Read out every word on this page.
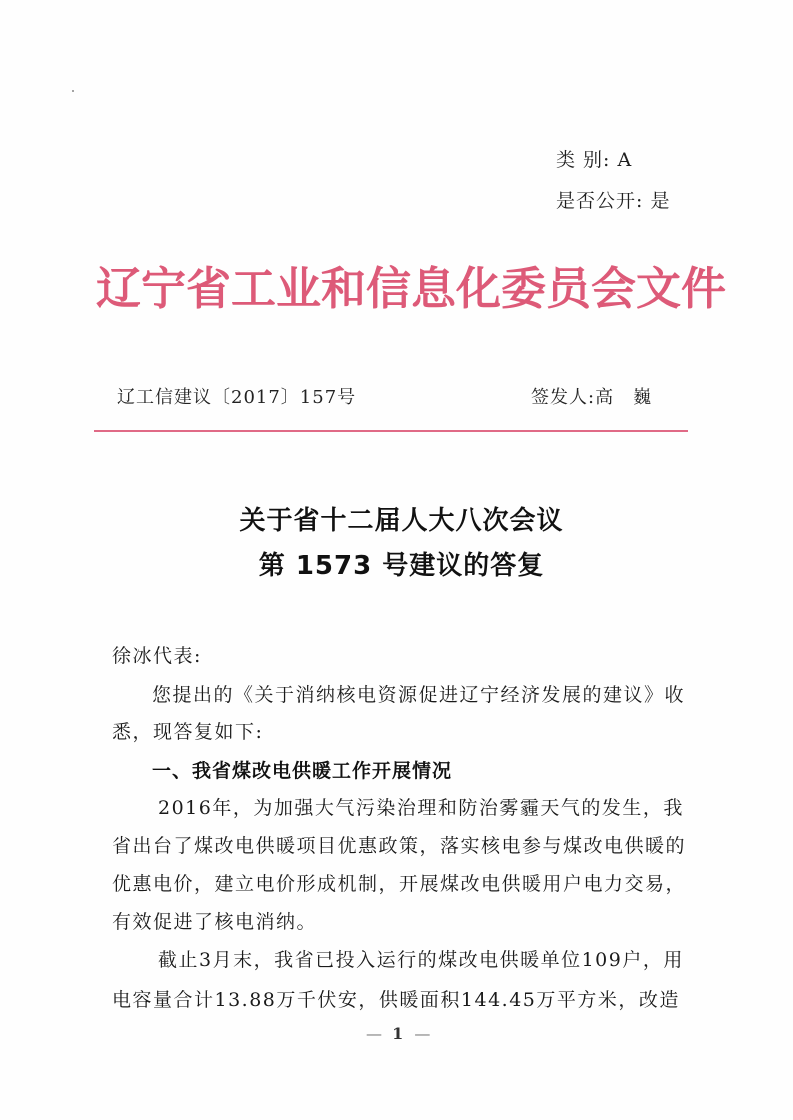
类 别: A
是否公开: 是
辽宁省工业和信息化委员会文件
辽工信建议〔2017〕157号	签发人:高　巍
关于省十二届人大八次会议
第 1573 号建议的答复
徐冰代表:
您提出的《关于消纳核电资源促进辽宁经济发展的建议》收
悉，现答复如下:
一、我省煤改电供暖工作开展情况
2016年，为加强大气污染治理和防治雾霾天气的发生，我
省出台了煤改电供暖项目优惠政策，落实核电参与煤改电供暖的
优惠电价，建立电价形成机制，开展煤改电供暖用户电力交易，
有效促进了核电消纳。
截止3月末，我省已投入运行的煤改电供暖单位109户，用
电容量合计13.88万千伏安，供暖面积144.45万平方米，改造
— 1 —
